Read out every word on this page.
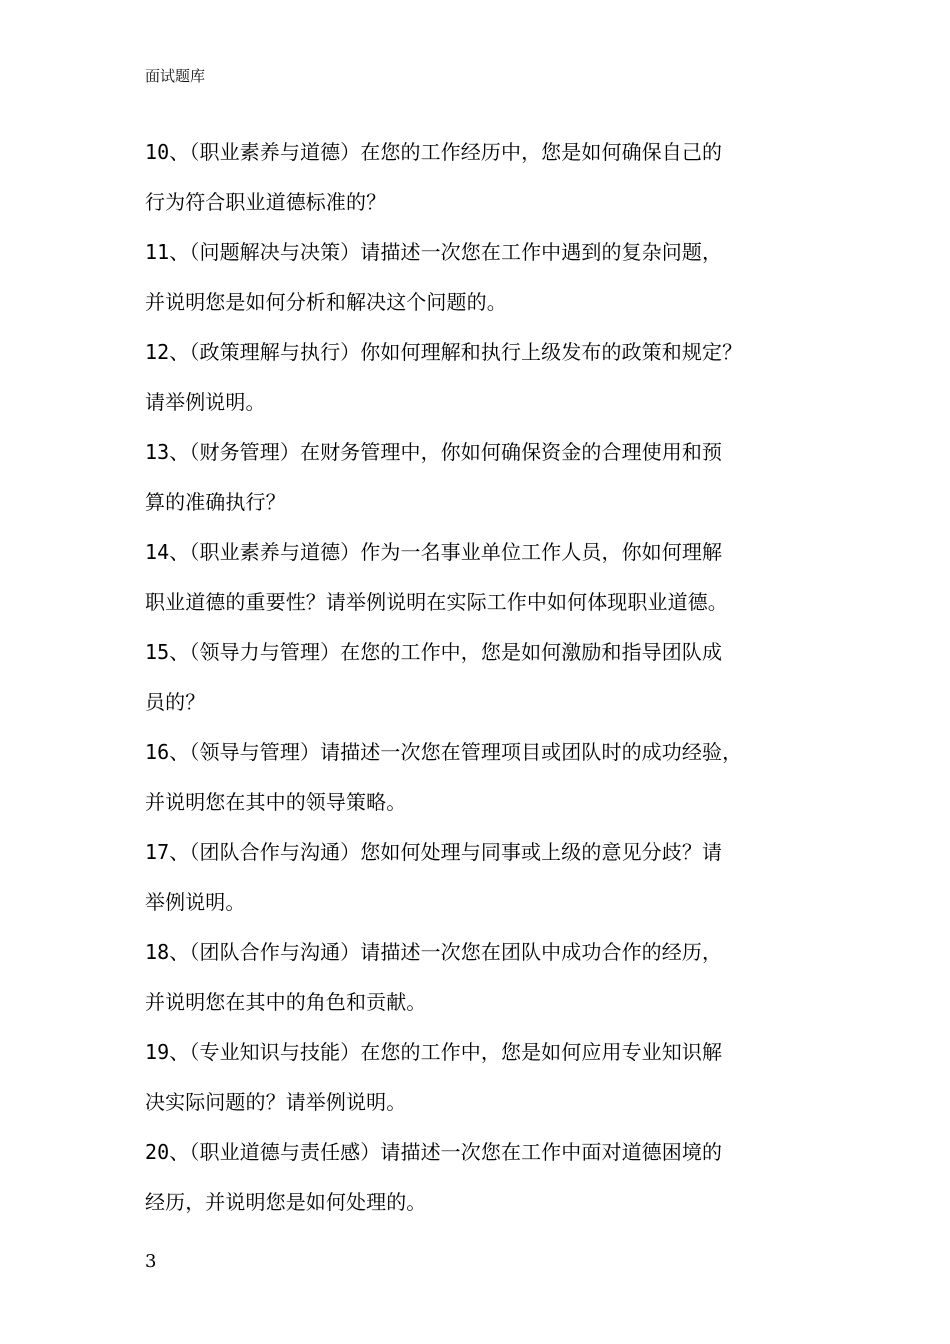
面试题库
10、（职业素养与道德）在您的工作经历中，您是如何确保自己的
行为符合职业道德标准的？
11、（问题解决与决策）请描述一次您在工作中遇到的复杂问题，
并说明您是如何分析和解决这个问题的。
12、（政策理解与执行）你如何理解和执行上级发布的政策和规定？
请举例说明。
13、（财务管理）在财务管理中，你如何确保资金的合理使用和预
算的准确执行？
14、（职业素养与道德）作为一名事业单位工作人员，你如何理解
职业道德的重要性？请举例说明在实际工作中如何体现职业道德。
15、（领导力与管理）在您的工作中，您是如何激励和指导团队成
员的？
16、（领导与管理）请描述一次您在管理项目或团队时的成功经验，
并说明您在其中的领导策略。
17、（团队合作与沟通）您如何处理与同事或上级的意见分歧？请
举例说明。
18、（团队合作与沟通）请描述一次您在团队中成功合作的经历，
并说明您在其中的角色和贡献。
19、（专业知识与技能）在您的工作中，您是如何应用专业知识解
决实际问题的？请举例说明。
20、（职业道德与责任感）请描述一次您在工作中面对道德困境的
经历，并说明您是如何处理的。
3
